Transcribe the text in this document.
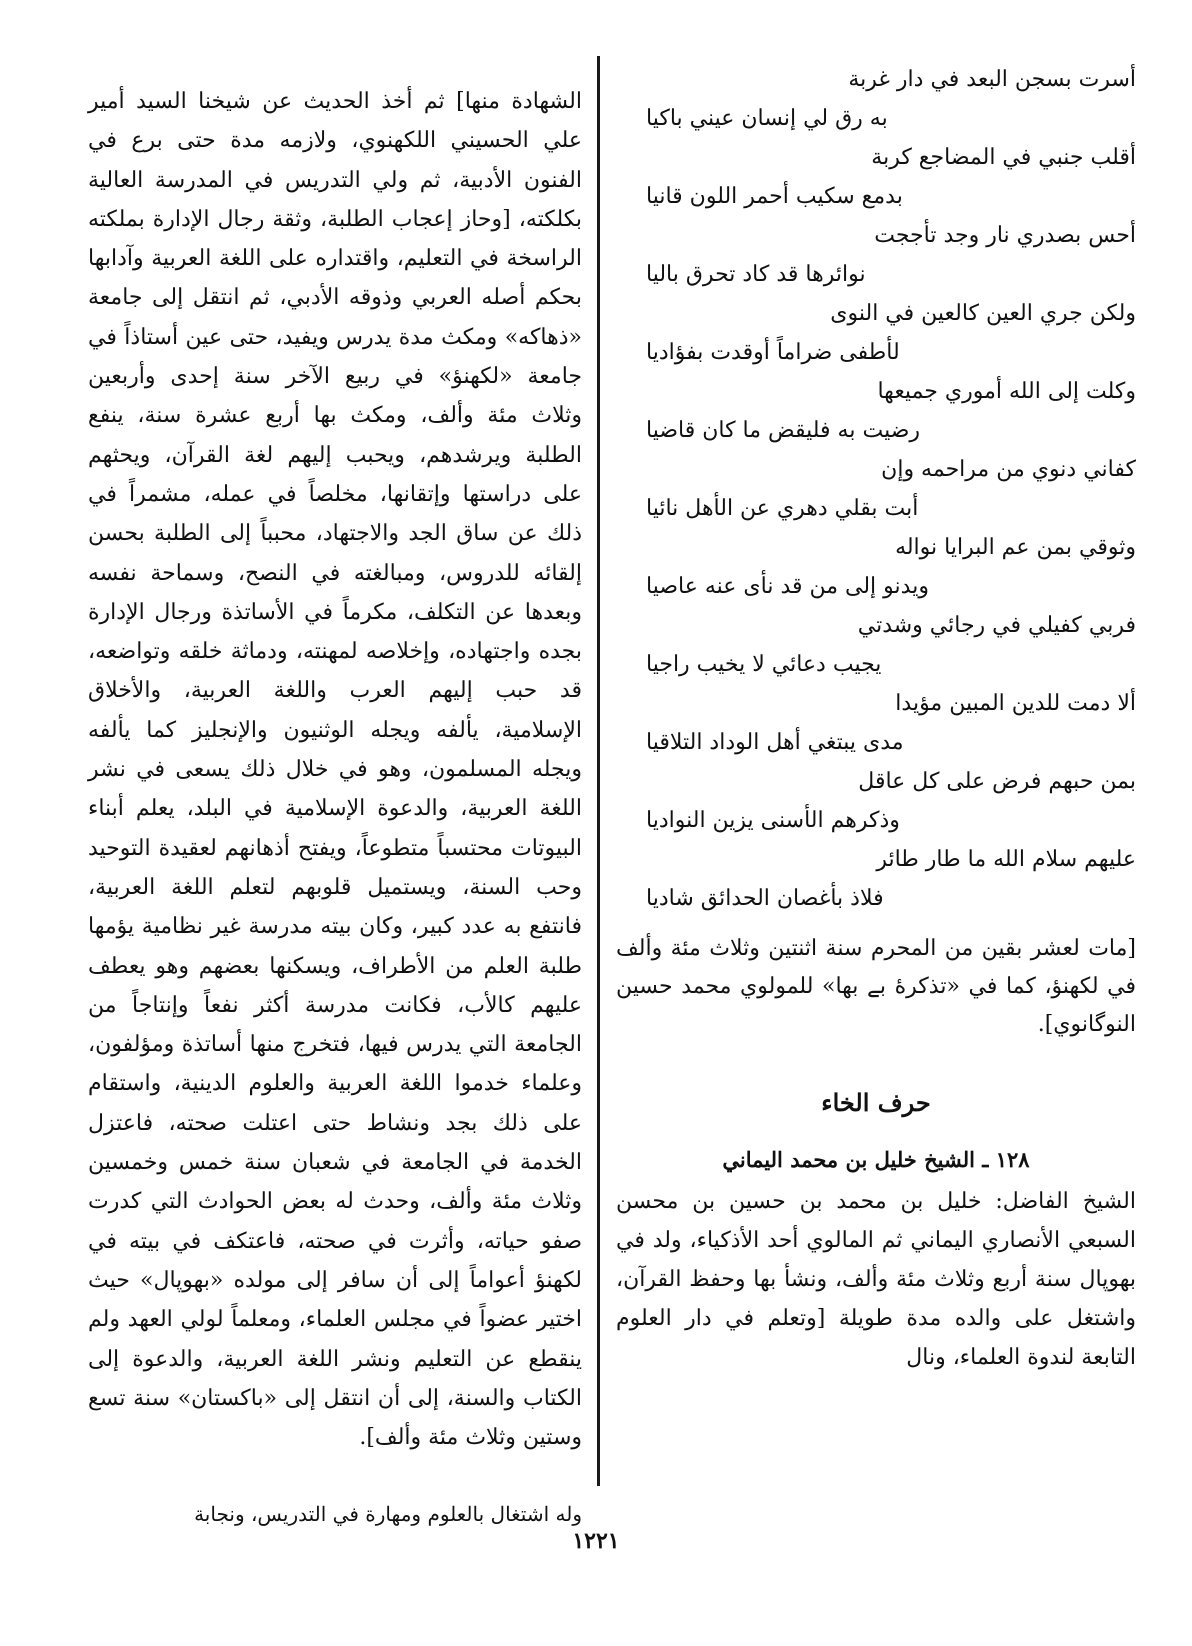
أسرت بسجن البعد في دار غربة
به رق لي إنسان عيني باكيا
أقلب جنبي في المضاجع كربة
بدمع سكيب أحمر اللون قانيا
أحس بصدري نار وجد تأججت
نوائرها قد كاد تحرق باليا
ولكن جري العين كالعين في النوى
لأطفى ضراماً أوقدت بفؤاديا
وكلت إلى الله أموري جميعها
رضيت به فليقض ما كان قاضيا
كفاني دنوي من مراحمه وإن
أبت بقلي دهري عن الأهل نائيا
وثوقي بمن عم البرايا نواله
ويدنو إلى من قد نأى عنه عاصيا
فربي كفيلي في رجائي وشدتي
يجيب دعائي لا يخيب راجيا
ألا دمت للدين المبين مؤيدا
مدى يبتغي أهل الوداد التلاقيا
بمن حبهم فرض على كل عاقل
وذكرهم الأسنى يزين النواديا
عليهم سلام الله ما طار طائر
فلاذ بأغصان الحدائق شاديا

[مات لعشر بقين من المحرم سنة اثنتين وثلاث مئة وألف في لكهنؤ، كما في «تذكرهٔ بے بها» للمولوي محمد حسين النوگانوي].

حرف الخاء
١٢٨ ـ الشيخ خليل بن محمد اليماني

الشيخ الفاضل: خليل بن محمد بن حسين بن محسن السبعي الأنصاري اليماني ثم المالوي أحد الأذكياء، ولد في بهوپال سنة أربع وثلاث مئة وألف، ونشأ بها وحفظ القرآن، واشتغل على والده مدة طويلة [وتعلم في دار العلوم التابعة لندوة العلماء، ونال

الشهادة منها] ثم أخذ الحديث عن شيخنا السيد أمير علي الحسيني اللكهنوي، ولازمه مدة حتى برع في الفنون الأدبية، ثم ولي التدريس في المدرسة العالية بكلكته، [وحاز إعجاب الطلبة، وثقة رجال الإدارة بملكته الراسخة في التعليم، واقتداره على اللغة العربية وآدابها بحكم أصله العربي وذوقه الأدبي، ثم انتقل إلى جامعة «ذهاكه» ومكث مدة يدرس ويفيد، حتى عين أستاذاً في جامعة «لكهنؤ» في ربيع الآخر سنة إحدى وأربعين وثلاث مئة وألف، ومكث بها أربع عشرة سنة، ينفع الطلبة ويرشدهم، ويحبب إليهم لغة القرآن، ويحثهم على دراستها وإتقانها، مخلصاً في عمله، مشمراً في ذلك عن ساق الجد والاجتهاد، محبباً إلى الطلبة بحسن إلقائه للدروس، ومبالغته في النصح، وسماحة نفسه وبعدها عن التكلف، مكرماً في الأساتذة ورجال الإدارة بجده واجتهاده، وإخلاصه لمهنته، ودماثة خلقه وتواضعه، قد حبب إليهم العرب واللغة العربية، والأخلاق الإسلامية، يألفه ويجله الوثنيون والإنجليز كما يألفه ويجله المسلمون، وهو في خلال ذلك يسعى في نشر اللغة العربية، والدعوة الإسلامية في البلد، يعلم أبناء البيوتات محتسباً متطوعاً، ويفتح أذهانهم لعقيدة التوحيد وحب السنة، ويستميل قلوبهم لتعلم اللغة العربية، فانتفع به عدد كبير، وكان بيته مدرسة غير نظامية يؤمها طلبة العلم من الأطراف، ويسكنها بعضهم وهو يعطف عليهم كالأب، فكانت مدرسة أكثر نفعاً وإنتاجاً من الجامعة التي يدرس فيها، فتخرج منها أساتذة ومؤلفون، وعلماء خدموا اللغة العربية والعلوم الدينية، واستقام على ذلك بجد ونشاط حتى اعتلت صحته، فاعتزل الخدمة في الجامعة في شعبان سنة خمس وخمسين وثلاث مئة وألف، وحدث له بعض الحوادث التي كدرت صفو حياته، وأثرت في صحته، فاعتكف في بيته في لكهنؤ أعواماً إلى أن سافر إلى مولده «بهوپال» حيث اختير عضواً في مجلس العلماء، ومعلماً لولي العهد ولم ينقطع عن التعليم ونشر اللغة العربية، والدعوة إلى الكتاب والسنة، إلى أن انتقل إلى «باكستان» سنة تسع وستين وثلاث مئة وألف].

وله اشتغال بالعلوم ومهارة في التدريس، ونجابة

١٢٢١
